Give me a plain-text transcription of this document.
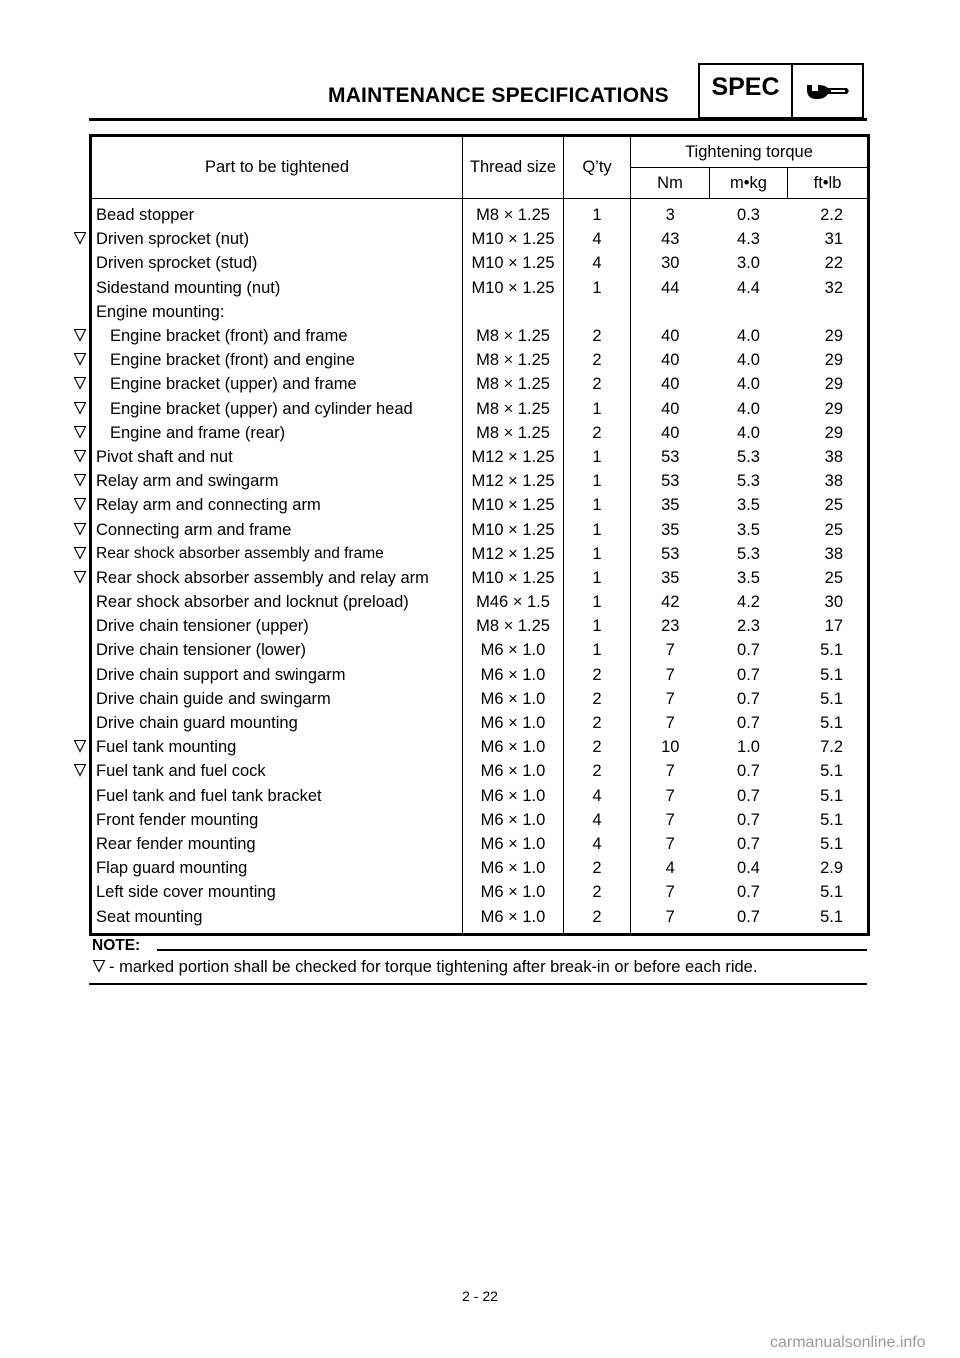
MAINTENANCE SPECIFICATIONS	SPEC
Part to be tightened	Thread size	Q’ty	Tightening torque		
			Nm	m•kg	ft•lb
Bead stopper	M8 × 1.25	1	3	0.3	2.2
Driven sprocket (nut)	M10 × 1.25	4	43	4.3	31
Driven sprocket (stud)	M10 × 1.25	4	30	3.0	22
Sidestand mounting (nut)	M10 × 1.25	1	44	4.4	32
Engine mounting:					
Engine bracket (front) and frame	M8 × 1.25	2	40	4.0	29
Engine bracket (front) and engine	M8 × 1.25	2	40	4.0	29
Engine bracket (upper) and frame	M8 × 1.25	2	40	4.0	29
Engine bracket (upper) and cylinder head	M8 × 1.25	1	40	4.0	29
Engine and frame (rear)	M8 × 1.25	2	40	4.0	29
Pivot shaft and nut	M12 × 1.25	1	53	5.3	38
Relay arm and swingarm	M12 × 1.25	1	53	5.3	38
Relay arm and connecting arm	M10 × 1.25	1	35	3.5	25
Connecting arm and frame	M10 × 1.25	1	35	3.5	25
Rear shock absorber assembly and frame	M12 × 1.25	1	53	5.3	38
Rear shock absorber assembly and relay arm	M10 × 1.25	1	35	3.5	25
Rear shock absorber and locknut (preload)	M46 × 1.5	1	42	4.2	30
Drive chain tensioner (upper)	M8 × 1.25	1	23	2.3	17
Drive chain tensioner (lower)	M6 × 1.0	1	7	0.7	5.1
Drive chain support and swingarm	M6 × 1.0	2	7	0.7	5.1
Drive chain guide and swingarm	M6 × 1.0	2	7	0.7	5.1
Drive chain guard mounting	M6 × 1.0	2	7	0.7	5.1
Fuel tank mounting	M6 × 1.0	2	10	1.0	7.2
Fuel tank and fuel cock	M6 × 1.0	2	7	0.7	5.1
Fuel tank and fuel tank bracket	M6 × 1.0	4	7	0.7	5.1
Front fender mounting	M6 × 1.0	4	7	0.7	5.1
Rear fender mounting	M6 × 1.0	4	7	0.7	5.1
Flap guard mounting	M6 × 1.0	2	4	0.4	2.9
Left side cover mounting	M6 × 1.0	2	7	0.7	5.1
Seat mounting	M6 × 1.0	2	7	0.7	5.1
NOTE:
- marked portion shall be checked for torque tightening after break-in or before each ride.
2 - 22
carmanualsonline.info
